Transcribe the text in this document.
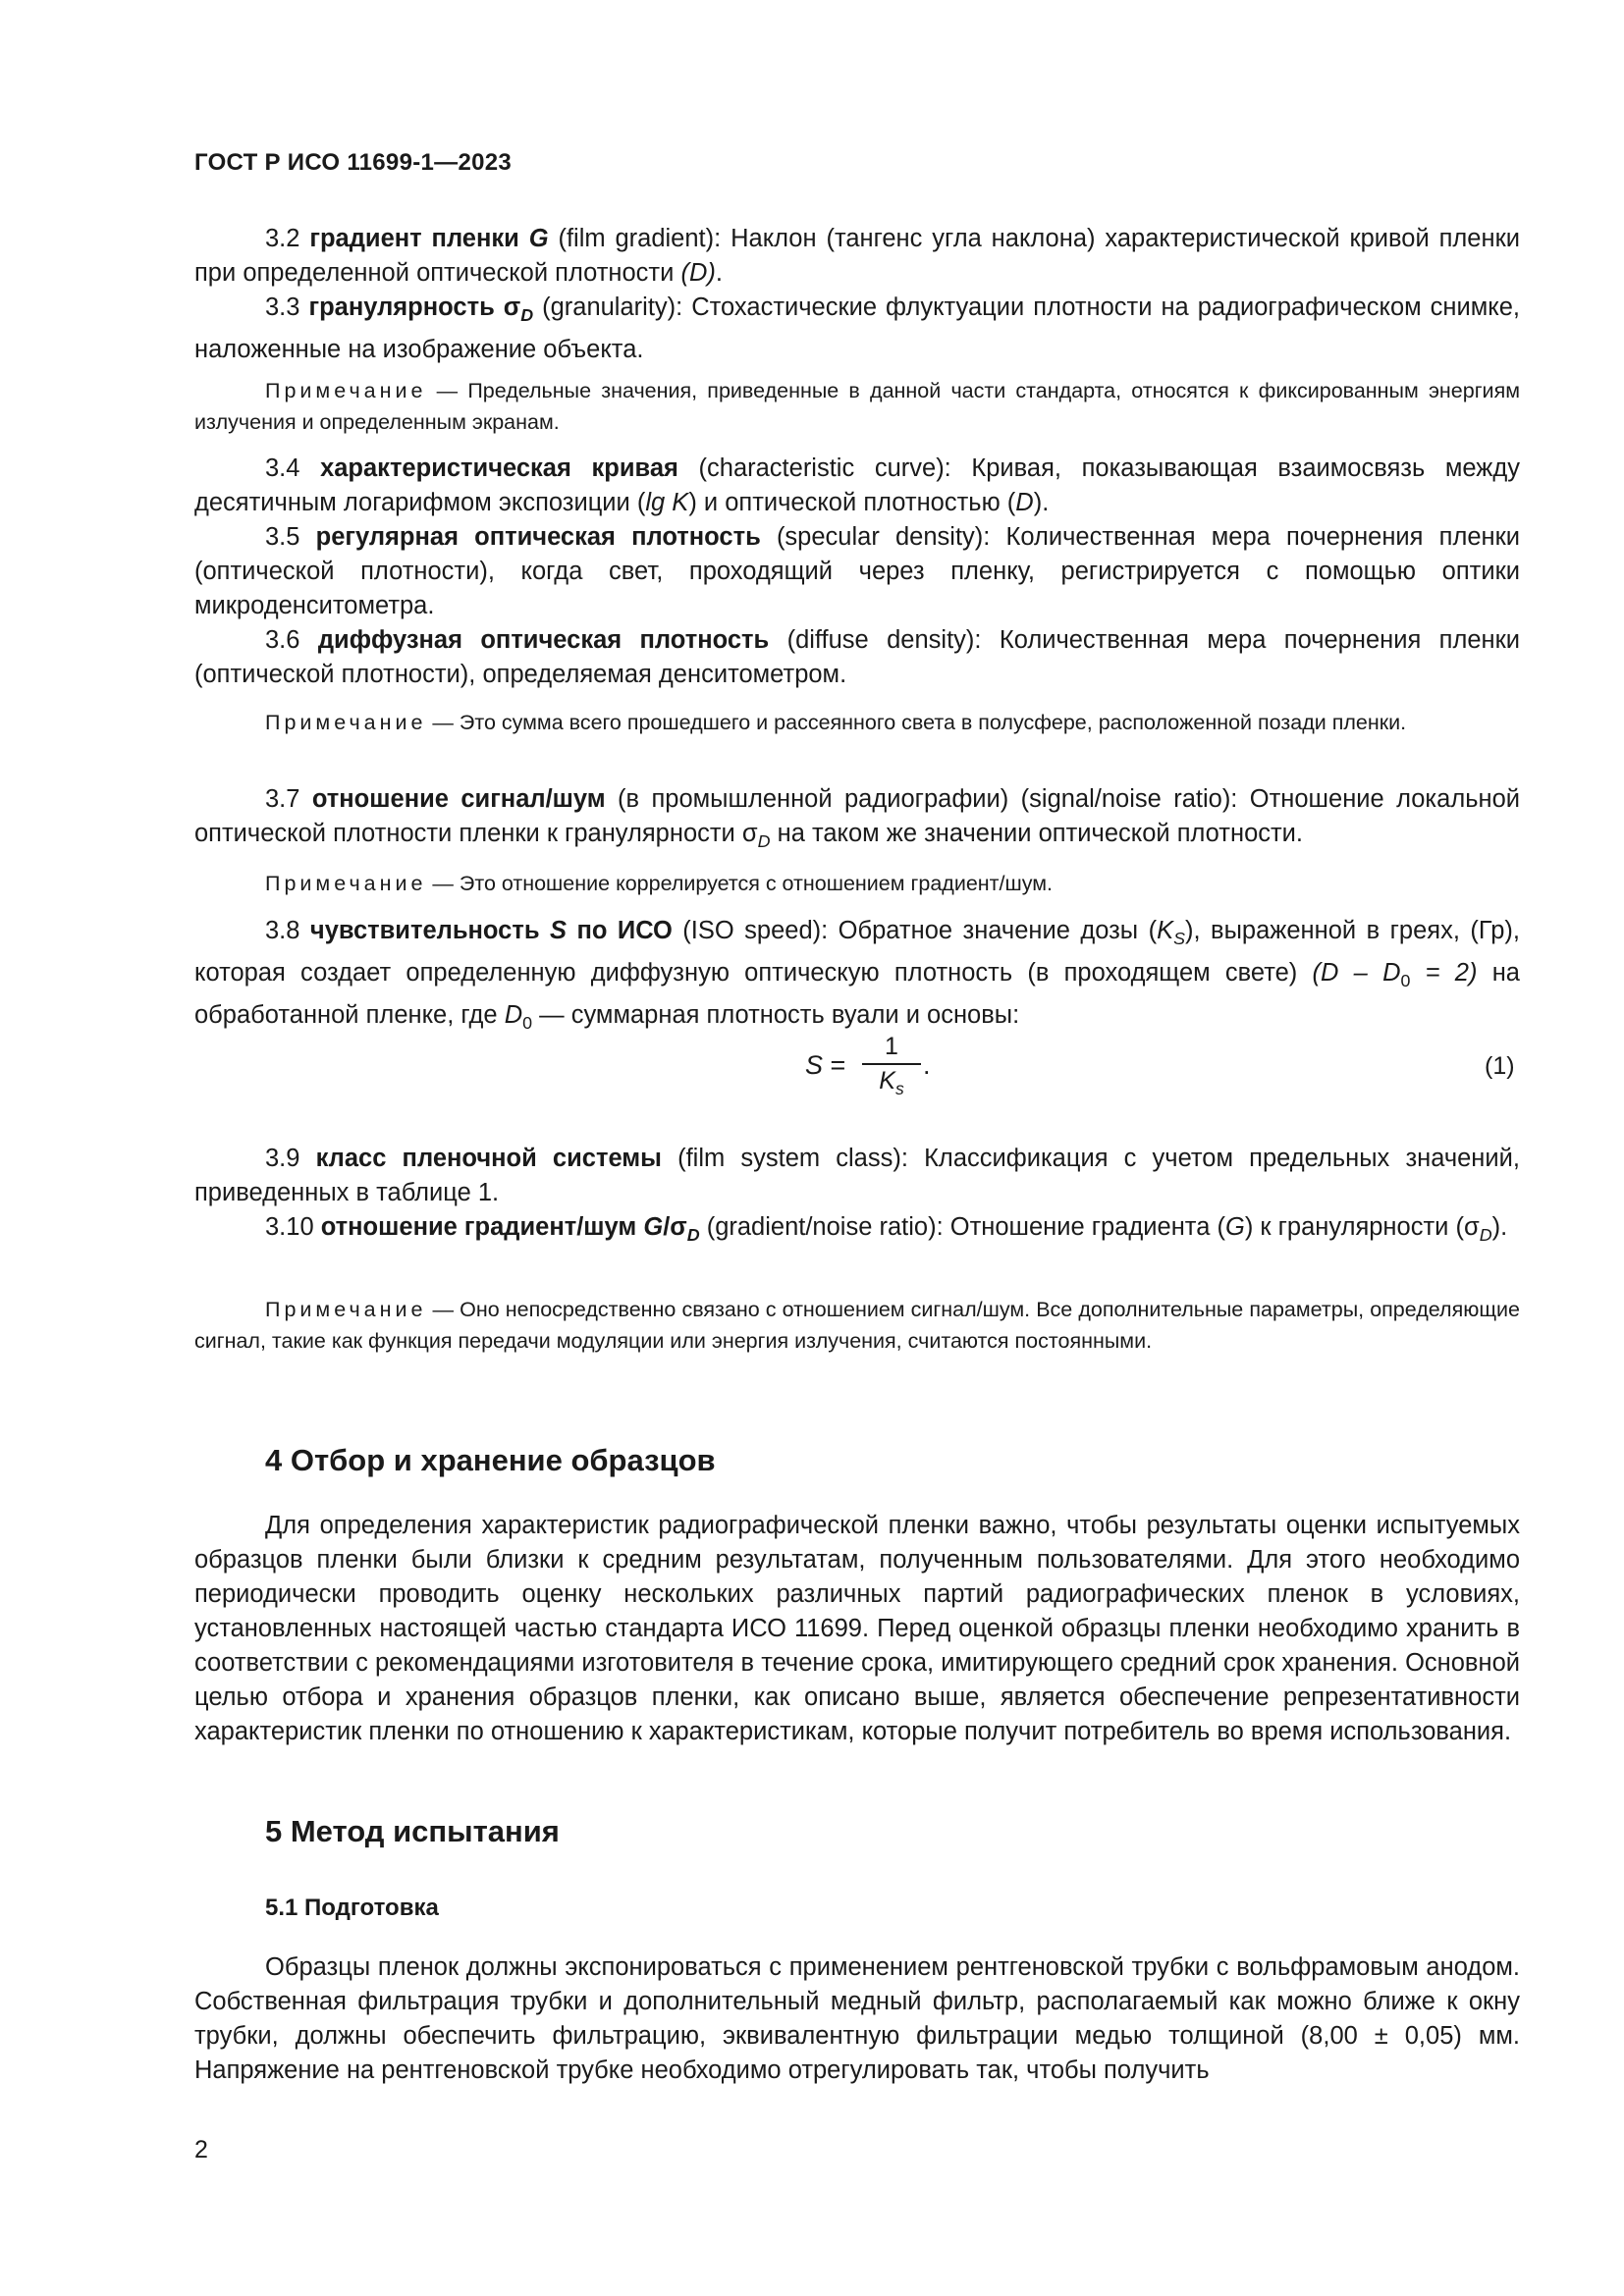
ГОСТ Р ИСО 11699-1—2023

3.2 градиент пленки G (film gradient): Наклон (тангенс угла наклона) характеристической кривой пленки при определенной оптической плотности (D).

3.3 гранулярность $\sigma_D$ (granularity): Стохастические флуктуации плотности на радиографическом снимке, наложенные на изображение объекта.

Примечание — Предельные значения, приведенные в данной части стандарта, относятся к фиксированным энергиям излучения и определенным экранам.

3.4 характеристическая кривая (characteristic curve): Кривая, показывающая взаимосвязь между десятичным логарифмом экспозиции (lg K) и оптической плотностью (D).

3.5 регулярная оптическая плотность (specular density): Количественная мера почернения пленки (оптической плотности), когда свет, проходящий через пленку, регистрируется с помощью оптики микроденситометра.

3.6 диффузная оптическая плотность (diffuse density): Количественная мера почернения пленки (оптической плотности), определяемая денситометром.

Примечание — Это сумма всего прошедшего и рассеянного света в полусфере, расположенной позади пленки.

3.7 отношение сигнал/шум (в промышленной радиографии) (signal/noise ratio): Отношение локальной оптической плотности пленки к гранулярности $\sigma_D$ на таком же значении оптической плотности.

Примечание — Это отношение коррелируется с отношением градиент/шум.

3.8 чувствительность S по ИСО (ISO speed): Обратное значение дозы $(K_S)$, выраженной в греях, (Гр), которая создает определенную диффузную оптическую плотность (в проходящем свете) $(D - D_0 = 2)$ на обработанной пленке, где $D_0$ — суммарная плотность вуали и основы:

S =
1
$K_s$
.	(1)

3.9 класс пленочной системы (film system class): Классификация с учетом предельных значений, приведенных в таблице 1.

3.10 отношение градиент/шум $G/\sigma_D$ (gradient/noise ratio): Отношение градиента (G) к гранулярности $(\sigma_D)$.

Примечание — Оно непосредственно связано с отношением сигнал/шум. Все дополнительные параметры, определяющие сигнал, такие как функция передачи модуляции или энергия излучения, считаются постоянными.

4 Отбор и хранение образцов

Для определения характеристик радиографической пленки важно, чтобы результаты оценки испытуемых образцов пленки были близки к средним результатам, полученным пользователями. Для этого необходимо периодически проводить оценку нескольких различных партий радиографических пленок в условиях, установленных настоящей частью стандарта ИСО 11699. Перед оценкой образцы пленки необходимо хранить в соответствии с рекомендациями изготовителя в течение срока, имитирующего средний срок хранения. Основной целью отбора и хранения образцов пленки, как описано выше, является обеспечение репрезентативности характеристик пленки по отношению к характеристикам, которые получит потребитель во время использования.

5 Метод испытания
5.1 Подготовка

Образцы пленок должны экспонироваться с применением рентгеновской трубки с вольфрамовым анодом. Собственная фильтрация трубки и дополнительный медный фильтр, располагаемый как можно ближе к окну трубки, должны обеспечить фильтрацию, эквивалентную фильтрации медью толщиной (8,00 ± 0,05) мм. Напряжение на рентгеновской трубке необходимо отрегулировать так, чтобы получить

2
